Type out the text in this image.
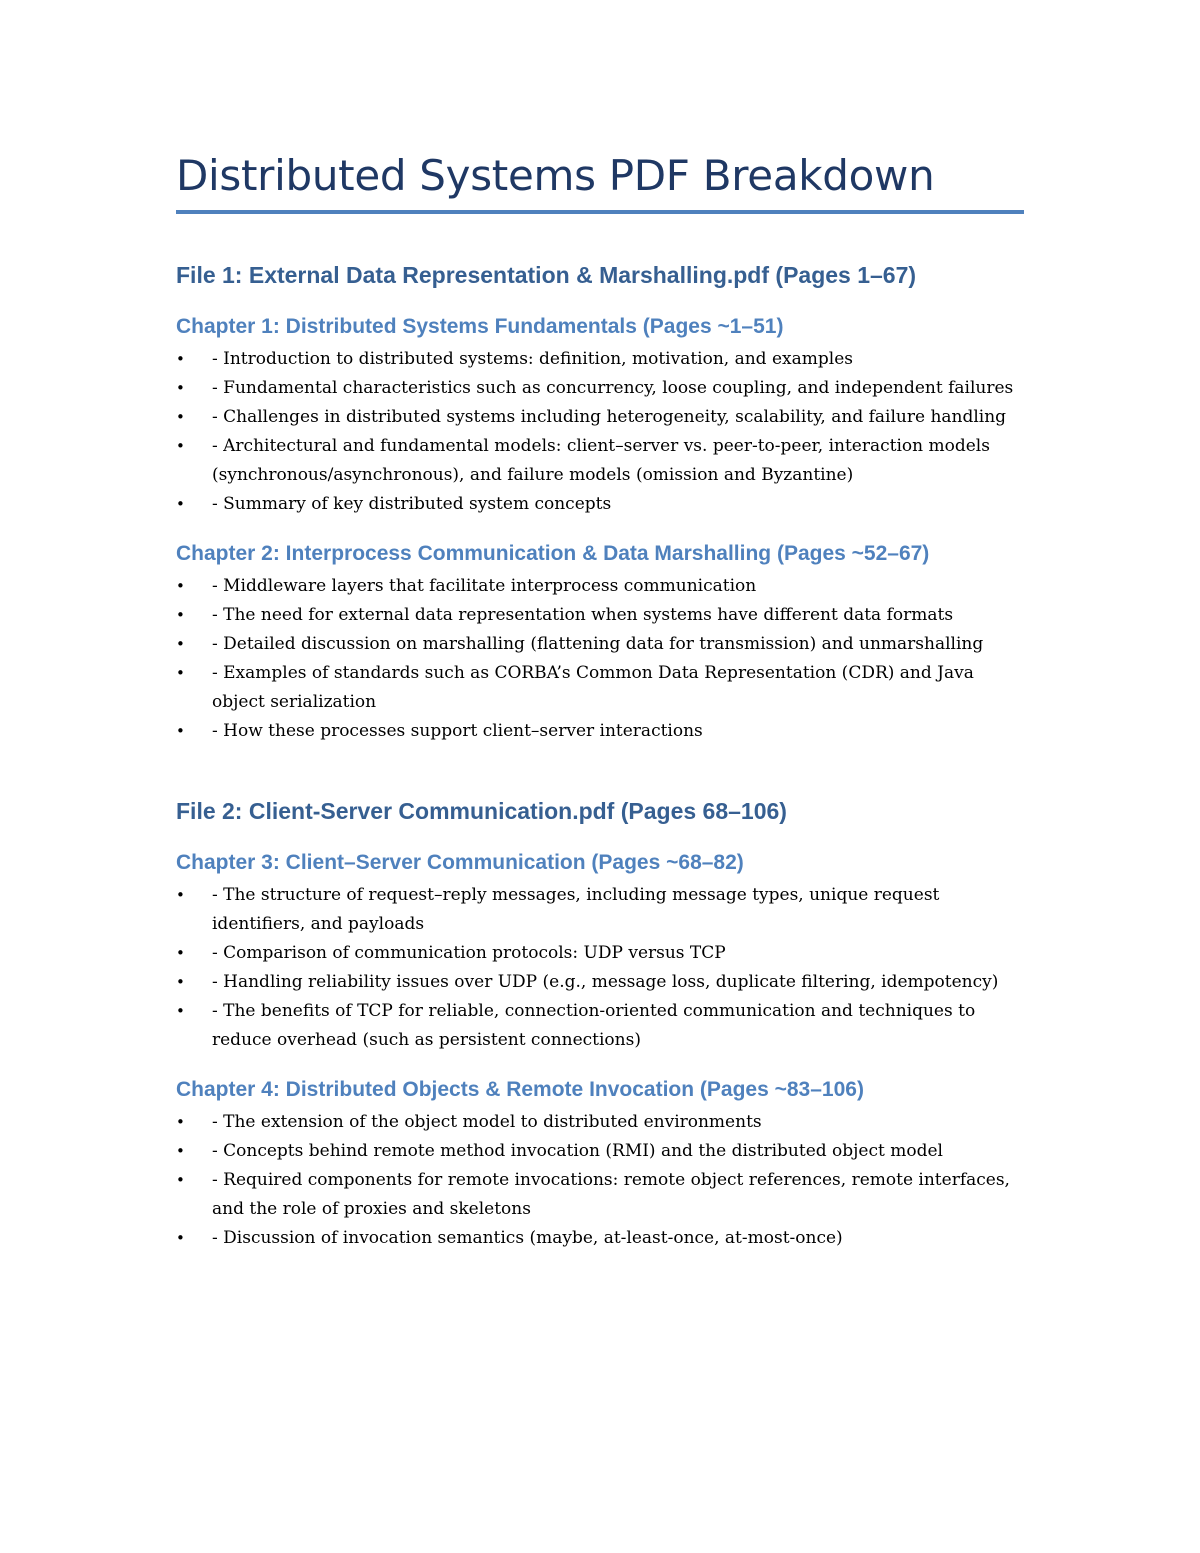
Distributed Systems PDF Breakdown
File 1: External Data Representation & Marshalling.pdf (Pages 1–67)
Chapter 1: Distributed Systems Fundamentals (Pages ~1–51)
• - Introduction to distributed systems: definition, motivation, and examples
• - Fundamental characteristics such as concurrency, loose coupling, and independent failures
• - Challenges in distributed systems including heterogeneity, scalability, and failure handling
• - Architectural and fundamental models: client–server vs. peer-to-peer, interaction models (synchronous/asynchronous), and failure models (omission and Byzantine)
• - Summary of key distributed system concepts
Chapter 2: Interprocess Communication & Data Marshalling (Pages ~52–67)
• - Middleware layers that facilitate interprocess communication
• - The need for external data representation when systems have different data formats
• - Detailed discussion on marshalling (flattening data for transmission) and unmarshalling
• - Examples of standards such as CORBA’s Common Data Representation (CDR) and Java object serialization
• - How these processes support client–server interactions
File 2: Client-Server Communication.pdf (Pages 68–106)
Chapter 3: Client–Server Communication (Pages ~68–82)
• - The structure of request–reply messages, including message types, unique request identifiers, and payloads
• - Comparison of communication protocols: UDP versus TCP
• - Handling reliability issues over UDP (e.g., message loss, duplicate filtering, idempotency)
• - The benefits of TCP for reliable, connection-oriented communication and techniques to reduce overhead (such as persistent connections)
Chapter 4: Distributed Objects & Remote Invocation (Pages ~83–106)
• - The extension of the object model to distributed environments
• - Concepts behind remote method invocation (RMI) and the distributed object model
• - Required components for remote invocations: remote object references, remote interfaces, and the role of proxies and skeletons
• - Discussion of invocation semantics (maybe, at-least-once, at-most-once)
